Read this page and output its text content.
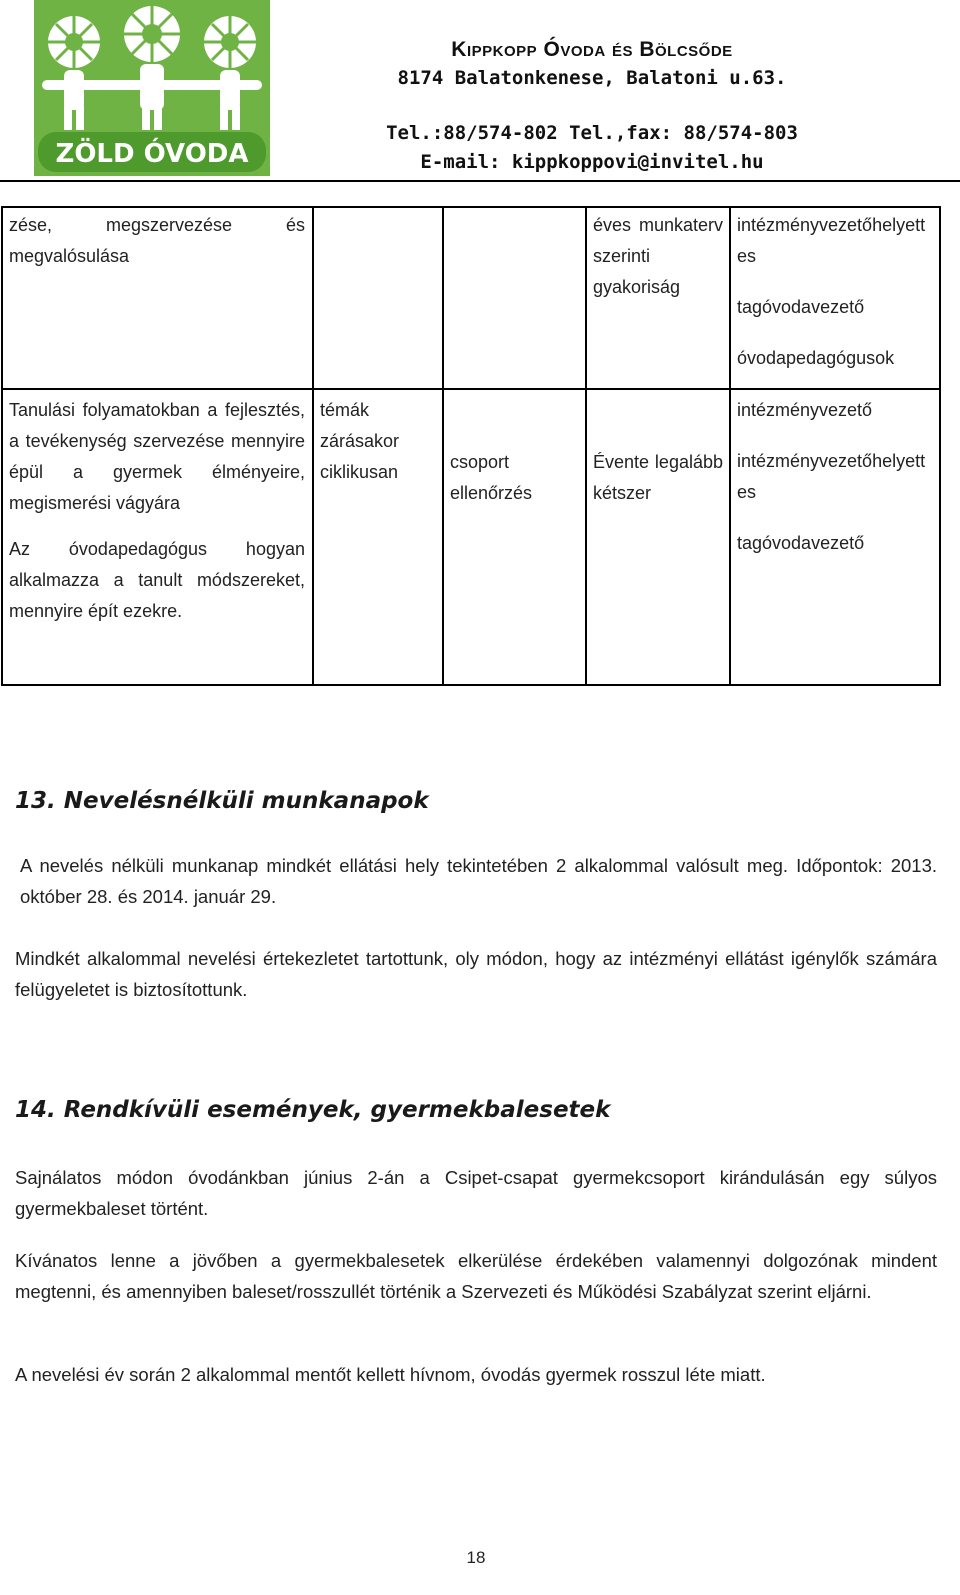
ZÖLD ÓVODA
Kippkopp Óvoda és Bölcsőde
8174 Balatonkenese, Balatoni u.63.
Tel.:88/574-802 Tel.,fax: 88/574-803
E-mail: kippkoppovi@invitel.hu
zése, megszervezése és megvalósulása
éves munkaterv szerinti gyakoriság

intézményvezetőhelyettes

tagóvodavezető

óvodapedagógusok

Tanulási folyamatokban a fejlesztés, a tevékenység szervezése mennyire épül a gyermek élményeire, megismerési vágyára

Az óvodapedagógus hogyan alkalmazza a tanult módszereket, mennyire épít ezekre.

témák zárásakor

ciklikusan	csoport ellenőrzés
Évente legalább kétszer

intézményvezető

intézményvezetőhelyettes

tagóvodavezető

13. Nevelésnélküli munkanapok

A nevelés nélküli munkanap mindkét ellátási hely tekintetében 2 alkalommal valósult meg. Időpontok: 2013. október 28. és 2014. január 29.

Mindkét alkalommal nevelési értekezletet tartottunk, oly módon, hogy az intézményi ellátást igénylők számára felügyeletet is biztosítottunk.

14. Rendkívüli események, gyermekbalesetek

Sajnálatos módon óvodánkban június 2-án a Csipet-csapat gyermekcsoport kirándulásán egy súlyos gyermekbaleset történt.

Kívánatos lenne a jövőben a gyermekbalesetek elkerülése érdekében valamennyi dolgozónak mindent megtenni, és amennyiben baleset/rosszullét történik a Szervezeti és Működési Szabályzat szerint eljárni.

A nevelési év során 2 alkalommal mentőt kellett hívnom, óvodás gyermek rosszul léte miatt.

18
